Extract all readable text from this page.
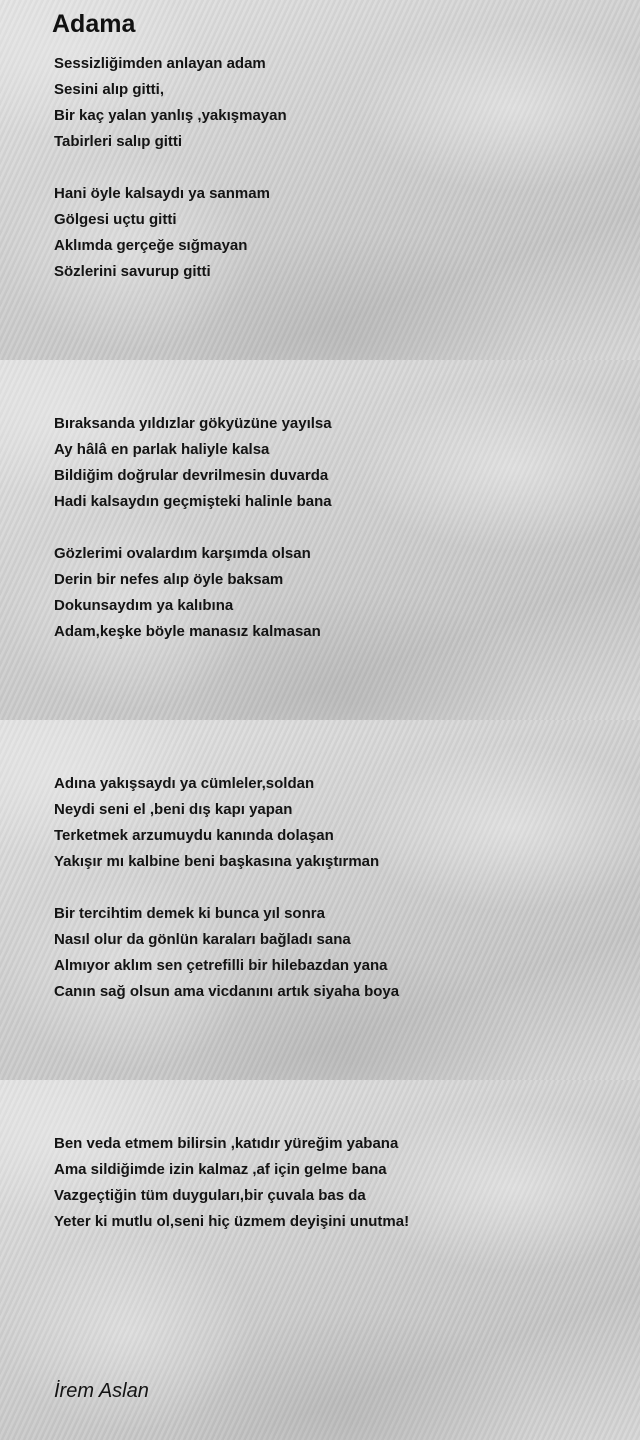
Adama
Sessizliğimden anlayan adam
Sesini alıp gitti,
Bir kaç yalan yanlış ,yakışmayan
Tabirleri salıp gitti
Hani öyle kalsaydı ya sanmam
Gölgesi uçtu gitti
Aklımda gerçeğe sığmayan
Sözlerini savurup gitti
Bıraksanda yıldızlar gökyüzüne yayılsa
Ay hâlâ en parlak haliyle kalsa
Bildiğim doğrular devrilmesin duvarda
Hadi kalsaydın geçmişteki halinle bana
Gözlerimi ovalardım karşımda olsan
Derin bir nefes alıp öyle baksam
Dokunsaydım ya kalıbına
Adam,keşke böyle manasız kalmasan
Adına yakışsaydı ya cümleler,soldan
Neydi seni el ,beni dış kapı yapan
Terketmek arzumuydu kanında dolaşan
Yakışır mı kalbine beni başkasına yakıştırman
Bir tercihtim demek ki bunca yıl sonra
Nasıl olur da gönlün karaları bağladı sana
Almıyor aklım sen çetrefilli bir hilebazdan yana
Canın sağ olsun ama vicdanını artık siyaha boya
Ben veda etmem bilirsin ,katıdır yüreğim yabana
Ama sildiğimde izin kalmaz ,af için gelme bana
Vazgeçtiğin tüm duyguları,bir çuvala bas da
Yeter ki mutlu ol,seni hiç üzmem deyişini unutma!
İrem Aslan
